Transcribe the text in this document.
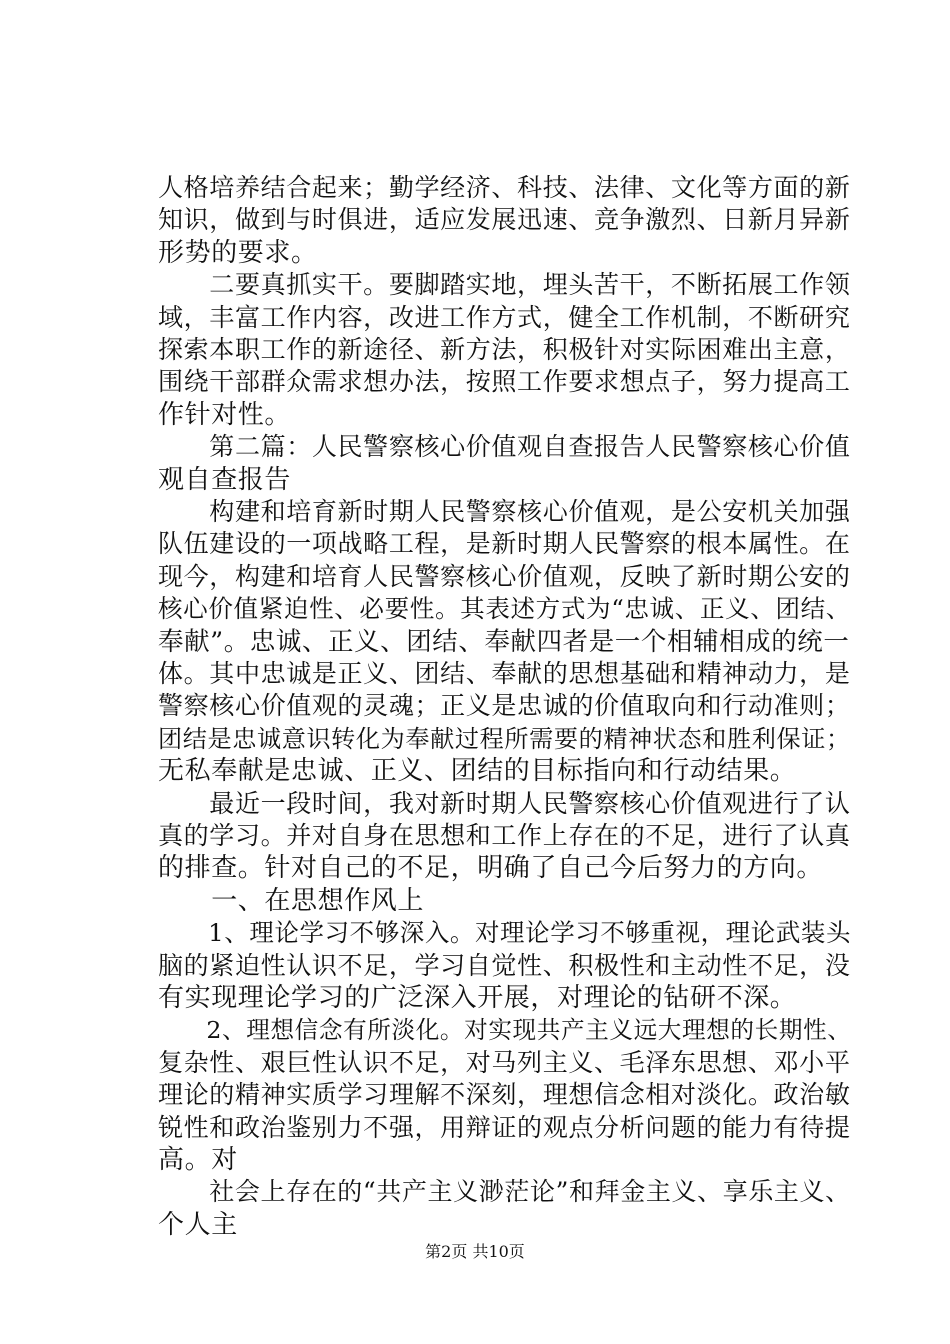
人格培养结合起来；勤学经济、科技、法律、文化等方面的新
知识，做到与时俱进，适应发展迅速、竞争激烈、日新月异新
形势的要求。
　　二要真抓实干。要脚踏实地，埋头苦干，不断拓展工作领
域，丰富工作内容，改进工作方式，健全工作机制，不断研究
探索本职工作的新途径、新方法，积极针对实际困难出主意，
围绕干部群众需求想办法，按照工作要求想点子，努力提高工
作针对性。
　　第二篇：人民警察核心价值观自查报告人民警察核心价值
观自查报告
　　构建和培育新时期人民警察核心价值观，是公安机关加强
队伍建设的一项战略工程，是新时期人民警察的根本属性。在
现今，构建和培育人民警察核心价值观，反映了新时期公安的
核心价值紧迫性、必要性。其表述方式为“忠诚、正义、团结、
奉献”。忠诚、正义、团结、奉献四者是一个相辅相成的统一
体。其中忠诚是正义、团结、奉献的思想基础和精神动力，是
警察核心价值观的灵魂；正义是忠诚的价值取向和行动准则；
团结是忠诚意识转化为奉献过程所需要的精神状态和胜利保证；
无私奉献是忠诚、正义、团结的目标指向和行动结果。
　　最近一段时间，我对新时期人民警察核心价值观进行了认
真的学习。并对自身在思想和工作上存在的不足，进行了认真
的排查。针对自己的不足，明确了自己今后努力的方向。
　　一、在思想作风上
　　1、理论学习不够深入。对理论学习不够重视，理论武装头
脑的紧迫性认识不足，学习自觉性、积极性和主动性不足，没
有实现理论学习的广泛深入开展，对理论的钻研不深。
　　2、理想信念有所淡化。对实现共产主义远大理想的长期性、
复杂性、艰巨性认识不足，对马列主义、毛泽东思想、邓小平
理论的精神实质学习理解不深刻，理想信念相对淡化。政治敏
锐性和政治鉴别力不强，用辩证的观点分析问题的能力有待提
高。对
　　社会上存在的“共产主义渺茫论”和拜金主义、享乐主义、
个人主
第2页 共10页
